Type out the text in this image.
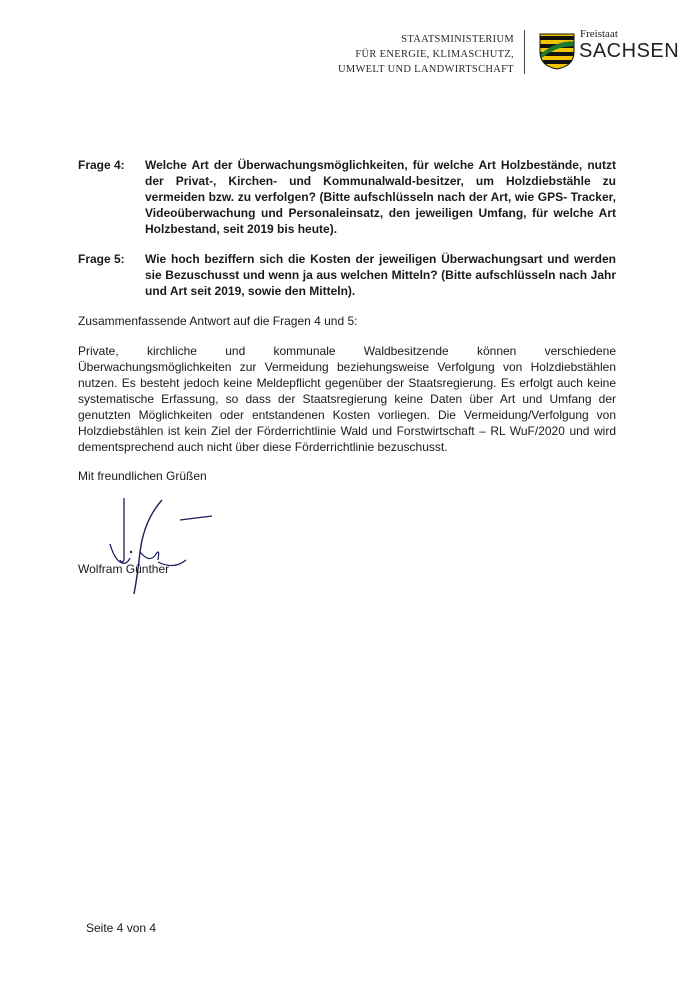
STAATSMINISTERIUM
FÜR ENERGIE, KLIMASCHUTZ,
UMWELT UND LANDWIRTSCHAFT
Freistaat
SACHSEN
Frage 4:	Welche Art der Überwachungsmöglichkeiten, für welche Art Holzbestände, nutzt der Privat-, Kirchen- und Kommunalwald-besitzer, um Holzdiebstähle zu vermeiden bzw. zu verfolgen? (Bitte aufschlüsseln nach der Art, wie GPS- Tracker, Videoüberwachung und Personaleinsatz, den jeweiligen Umfang, für welche Art Holzbestand, seit 2019 bis heute).
Frage 5:	Wie hoch beziffern sich die Kosten der jeweiligen Überwachungsart und werden sie Bezuschusst und wenn ja aus welchen Mitteln? (Bitte aufschlüsseln nach Jahr und Art seit 2019, sowie den Mitteln).
Zusammenfassende Antwort auf die Fragen 4 und 5:
Private, kirchliche und kommunale Waldbesitzende können verschiedene Überwachungsmöglichkeiten zur Vermeidung beziehungsweise Verfolgung von Holzdiebstählen nutzen. Es besteht jedoch keine Meldepflicht gegenüber der Staatsregierung. Es erfolgt auch keine systematische Erfassung, so dass der Staatsregierung keine Daten über Art und Umfang der genutzten Möglichkeiten oder entstandenen Kosten vorliegen. Die Vermeidung/Verfolgung von Holzdiebstählen ist kein Ziel der Förderrichtlinie Wald und Forstwirtschaft – RL WuF/2020 und wird dementsprechend auch nicht über diese Förderrichtlinie bezuschusst.
Mit freundlichen Grüßen
Wolfram Günther
Seite 4 von 4
